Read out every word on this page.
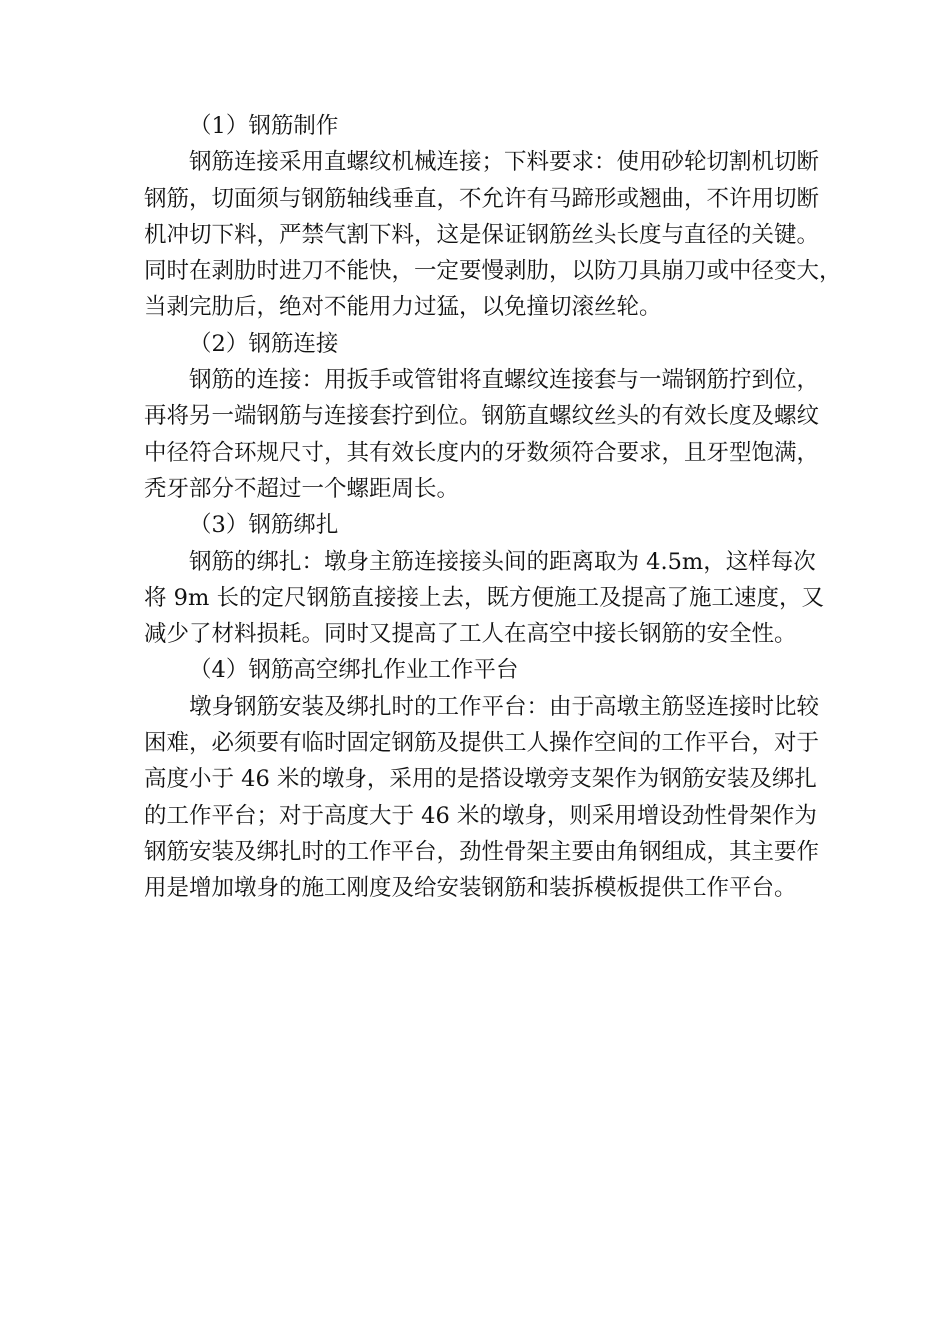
（1）钢筋制作
钢筋连接采用直螺纹机械连接；下料要求：使用砂轮切割机切断
钢筋，切面须与钢筋轴线垂直，不允许有马蹄形或翘曲，不许用切断
机冲切下料，严禁气割下料，这是保证钢筋丝头长度与直径的关键。
同时在剥肋时进刀不能快，一定要慢剥肋，以防刀具崩刀或中径变大，
当剥完肋后，绝对不能用力过猛，以免撞切滚丝轮。
（2）钢筋连接
钢筋的连接：用扳手或管钳将直螺纹连接套与一端钢筋拧到位，
再将另一端钢筋与连接套拧到位。钢筋直螺纹丝头的有效长度及螺纹
中径符合环规尺寸，其有效长度内的牙数须符合要求，且牙型饱满，
秃牙部分不超过一个螺距周长。
（3）钢筋绑扎
钢筋的绑扎：墩身主筋连接接头间的距离取为 4.5m，这样每次
将 9m 长的定尺钢筋直接接上去，既方便施工及提高了施工速度，又
减少了材料损耗。同时又提高了工人在高空中接长钢筋的安全性。
（4）钢筋高空绑扎作业工作平台
墩身钢筋安装及绑扎时的工作平台：由于高墩主筋竖连接时比较
困难，必须要有临时固定钢筋及提供工人操作空间的工作平台，对于
高度小于 46 米的墩身，采用的是搭设墩旁支架作为钢筋安装及绑扎
的工作平台；对于高度大于 46 米的墩身，则采用增设劲性骨架作为
钢筋安装及绑扎时的工作平台，劲性骨架主要由角钢组成，其主要作
用是增加墩身的施工刚度及给安装钢筋和装拆模板提供工作平台。
